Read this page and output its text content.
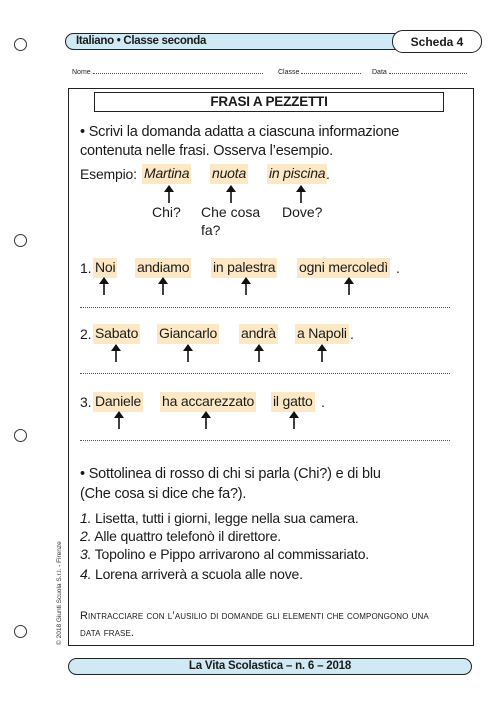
Italiano • Classe seconda	Scheda 4
Nome	Classe	Data
FRASI A PEZZETTI
• Scrivi la domanda adatta a ciascuna informazione
contenuta nelle frasi. Osserva l’esempio.
Esempio: Martina nuota in piscina .
Chi? Che cosa
fa?
Dove?
1. Noi andiamo in palestra ogni mercoledì .
2. Sabato Giancarlo andrà a Napoli .
3. Daniele ha accarezzato il gatto .
• Sottolinea di rosso di chi si parla (Chi?) e di blu
(Che cosa si dice che fa?).
1. Lisetta, tutti i giorni, legge nella sua camera.
2. Alle quattro telefonò il direttore.
3. Topolino e Pippo arrivarono al commissariato.
4. Lorena arriverà a scuola alle nove.
Rintracciare con l’ausilio di domande gli elementi che compongono una
data frase.
© 2018 Giunti Scuola S.r.l. - Firenze
La Vita Scolastica – n. 6 – 2018
